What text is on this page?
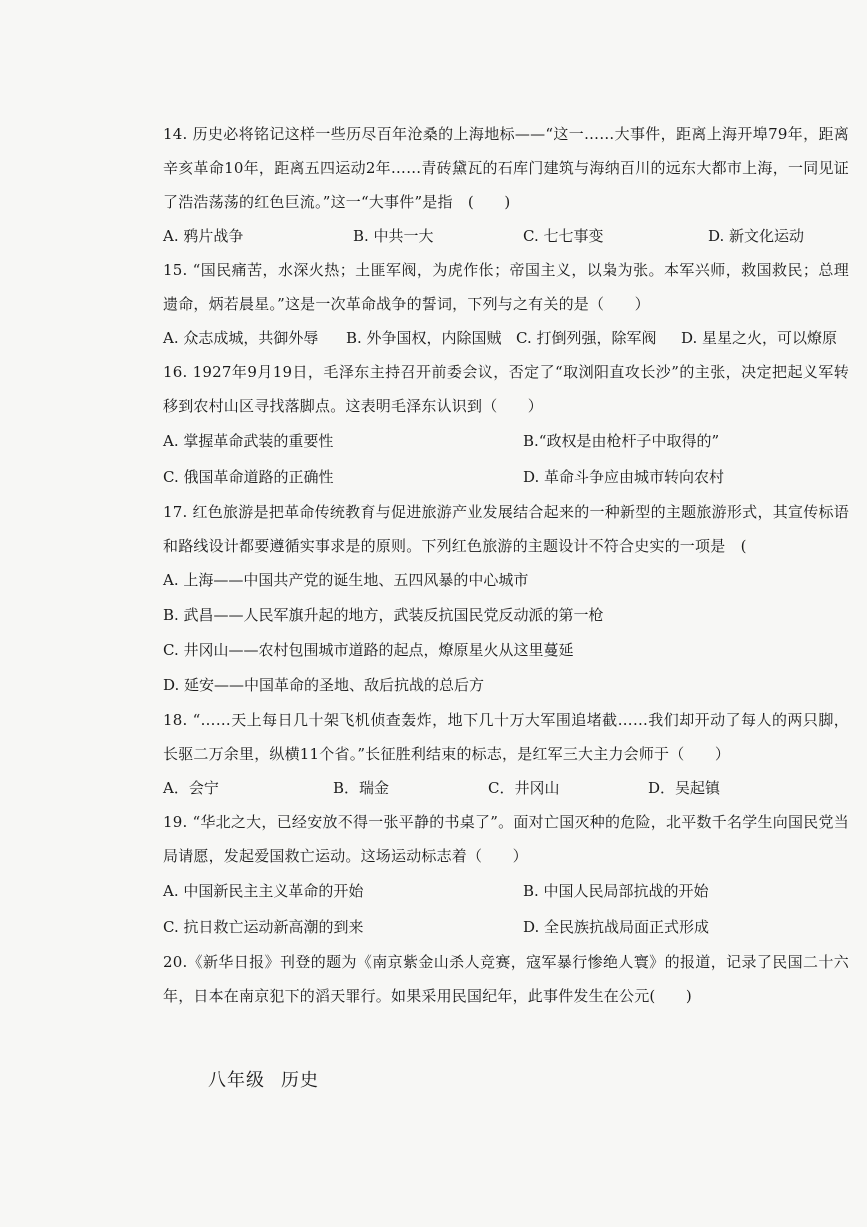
14. 历史必将铭记这样一些历尽百年沧桑的上海地标——“这一……大事件，距离上海开埠79年，距离辛亥革命10年，距离五四运动2年……青砖黛瓦的石库门建筑与海纳百川的远东大都市上海，一同见证了浩浩荡荡的红色巨流。”这一“大事件”是指　(　　)
A. 鸦片战争	B. 中共一大	C. 七七事变	D. 新文化运动
15. “国民痛苦，水深火热；土匪军阀，为虎作伥；帝国主义，以枭为张。本军兴师，救国救民；总理遗命，炳若晨星。”这是一次革命战争的誓词，下列与之有关的是（　　）
A. 众志成城，共御外辱	B. 外争国权，内除国贼 C. 打倒列强，除军阀	D. 星星之火，可以燎原
16. 1927年9月19日，毛泽东主持召开前委会议，否定了“取浏阳直攻长沙”的主张，决定把起义军转移到农村山区寻找落脚点。这表明毛泽东认识到（　　）
A. 掌握革命武装的重要性	B.“政权是由枪杆子中取得的”
C. 俄国革命道路的正确性	D. 革命斗争应由城市转向农村
17. 红色旅游是把革命传统教育与促进旅游产业发展结合起来的一种新型的主题旅游形式，其宣传标语和路线设计都要遵循实事求是的原则。下列红色旅游的主题设计不符合史实的一项是　(
A. 上海——中国共产党的诞生地、五四风暴的中心城市
B. 武昌——人民军旗升起的地方，武装反抗国民党反动派的第一枪
C. 井冈山——农村包围城市道路的起点，燎原星火从这里蔓延
D. 延安——中国革命的圣地、敌后抗战的总后方
18. “……天上每日几十架飞机侦查轰炸，地下几十万大军围追堵截……我们却开动了每人的两只脚，长驱二万余里，纵横11个省。”长征胜利结束的标志，是红军三大主力会师于（　　）
A．会宁	B．瑞金	C．井冈山	D．吴起镇
19. “华北之大，已经安放不得一张平静的书桌了”。面对亡国灭种的危险，北平数千名学生向国民党当局请愿，发起爱国救亡运动。这场运动标志着（　　）
A. 中国新民主主义革命的开始	B. 中国人民局部抗战的开始
C. 抗日救亡运动新高潮的到来	D. 全民族抗战局面正式形成
20.《新华日报》刊登的题为《南京紫金山杀人竞赛，寇军暴行惨绝人寰》的报道，记录了民国二十六年，日本在南京犯下的滔天罪行。如果采用民国纪年，此事件发生在公元(　　)
八年级 历史
